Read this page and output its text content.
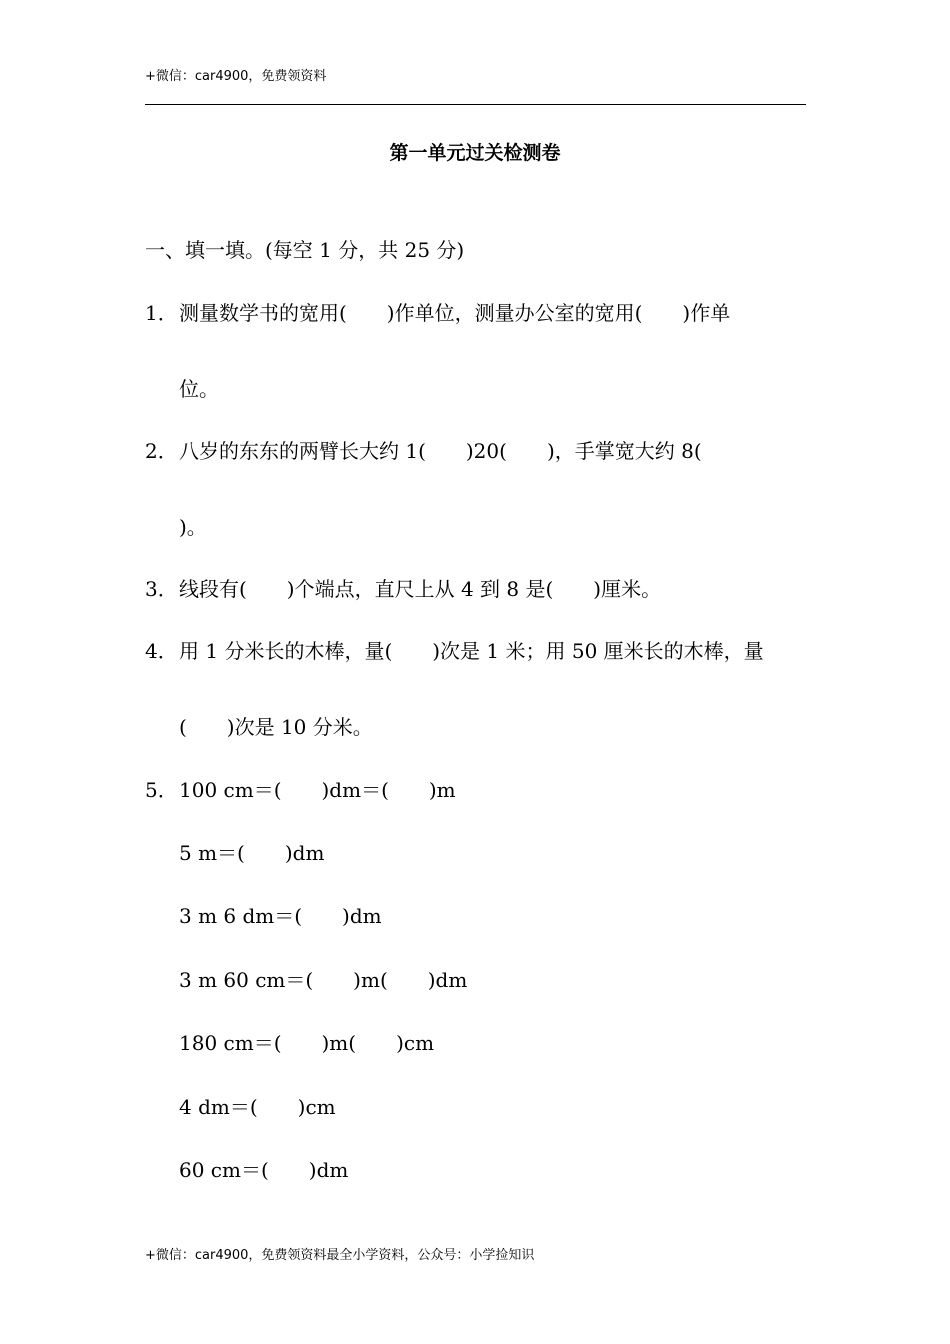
+微信：car4900，免费领资料
第一单元过关检测卷
一、填一填。(每空 1 分，共 25 分)
1．测量数学书的宽用(　　)作单位，测量办公室的宽用(　　)作单
位。
2．八岁的东东的两臂长大约 1(　　)20(　　)，手掌宽大约 8(
)。
3．线段有(　　)个端点，直尺上从 4 到 8 是(　　)厘米。
4．用 1 分米长的木棒，量(　　)次是 1 米；用 50 厘米长的木棒，量
(　　)次是 10 分米。
5．100 cm＝(　　)dm＝(　　)m
5 m＝(　　)dm
3 m 6 dm＝(　　)dm
3 m 60 cm＝(　　)m(　　)dm
180 cm＝(　　)m(　　)cm
4 dm＝(　　)cm
60 cm＝(　　)dm
+微信：car4900，免费领资料最全小学资料，公众号：小学捡知识
